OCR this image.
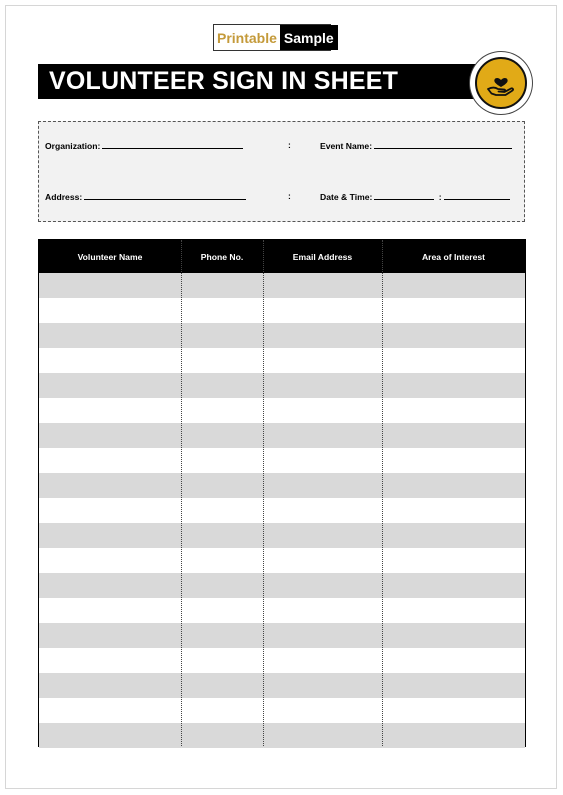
Printable Sample
VOLUNTEER SIGN IN SHEET
Organization:	:	Event Name:
Address:	:	Date & Time:	:
Volunteer Name	Phone No.	Email Address	Area of Interest
